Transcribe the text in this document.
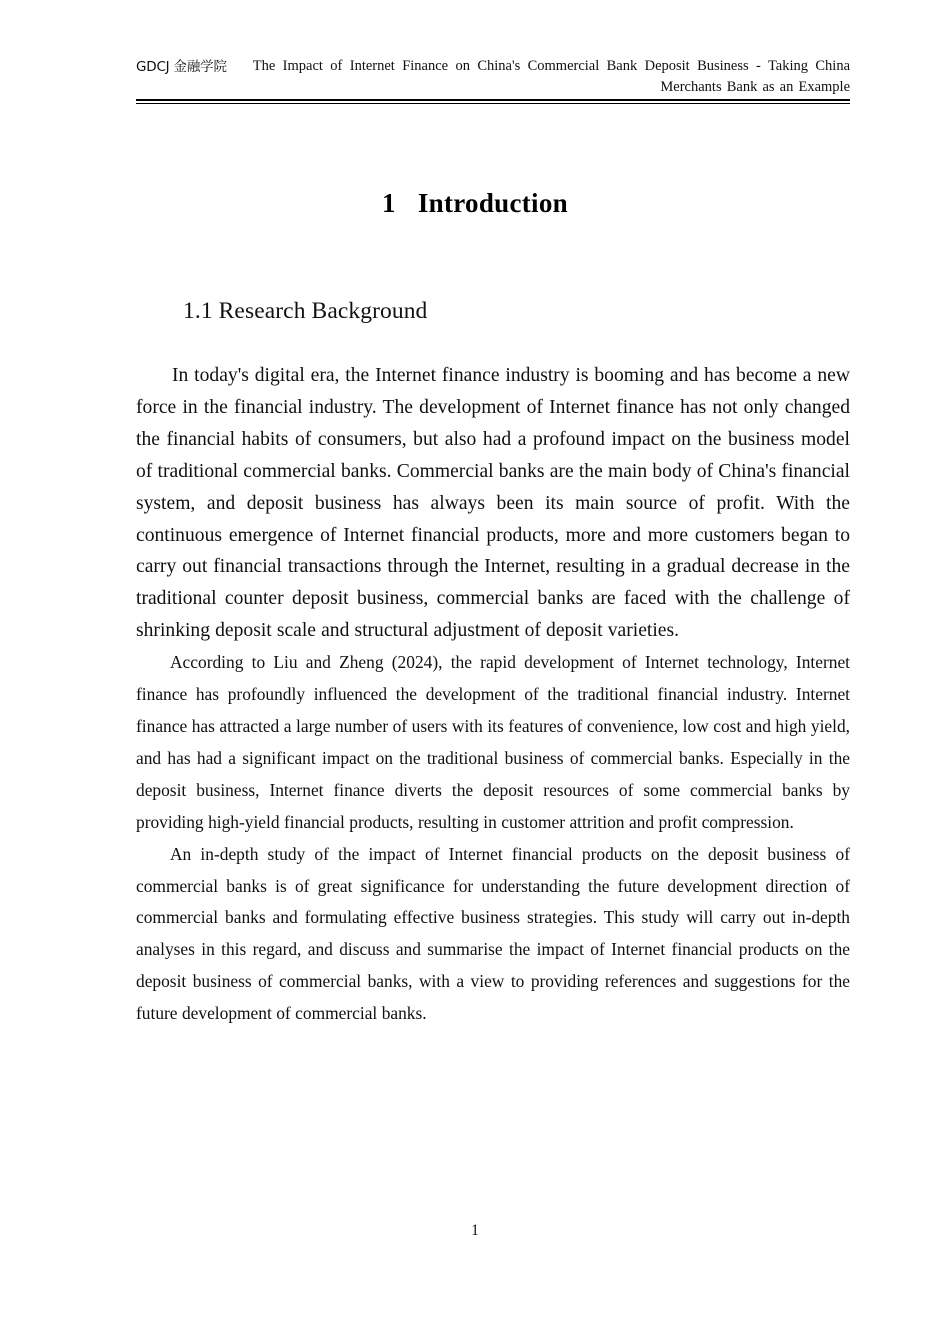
GDCJ 金融学院 The Impact of Internet Finance on China's Commercial Bank Deposit Business - Taking China Merchants Bank as an Example
1 Introduction
1.1 Research Background

In today's digital era, the Internet finance industry is booming and has become a new force in the financial industry. The development of Internet finance has not only changed the financial habits of consumers, but also had a profound impact on the business model of traditional commercial banks. Commercial banks are the main body of China's financial system, and deposit business has always been its main source of profit. With the continuous emergence of Internet financial products, more and more customers began to carry out financial transactions through the Internet, resulting in a gradual decrease in the traditional counter deposit business, commercial banks are faced with the challenge of shrinking deposit scale and structural adjustment of deposit varieties.

According to Liu and Zheng (2024), the rapid development of Internet technology, Internet finance has profoundly influenced the development of the traditional financial industry. Internet finance has attracted a large number of users with its features of convenience, low cost and high yield, and has had a significant impact on the traditional business of commercial banks. Especially in the deposit business, Internet finance diverts the deposit resources of some commercial banks by providing high-yield financial products, resulting in customer attrition and profit compression.

An in-depth study of the impact of Internet financial products on the deposit business of commercial banks is of great significance for understanding the future development direction of commercial banks and formulating effective business strategies. This study will carry out in-depth analyses in this regard, and discuss and summarise the impact of Internet financial products on the deposit business of commercial banks, with a view to providing references and suggestions for the future development of commercial banks.

1
